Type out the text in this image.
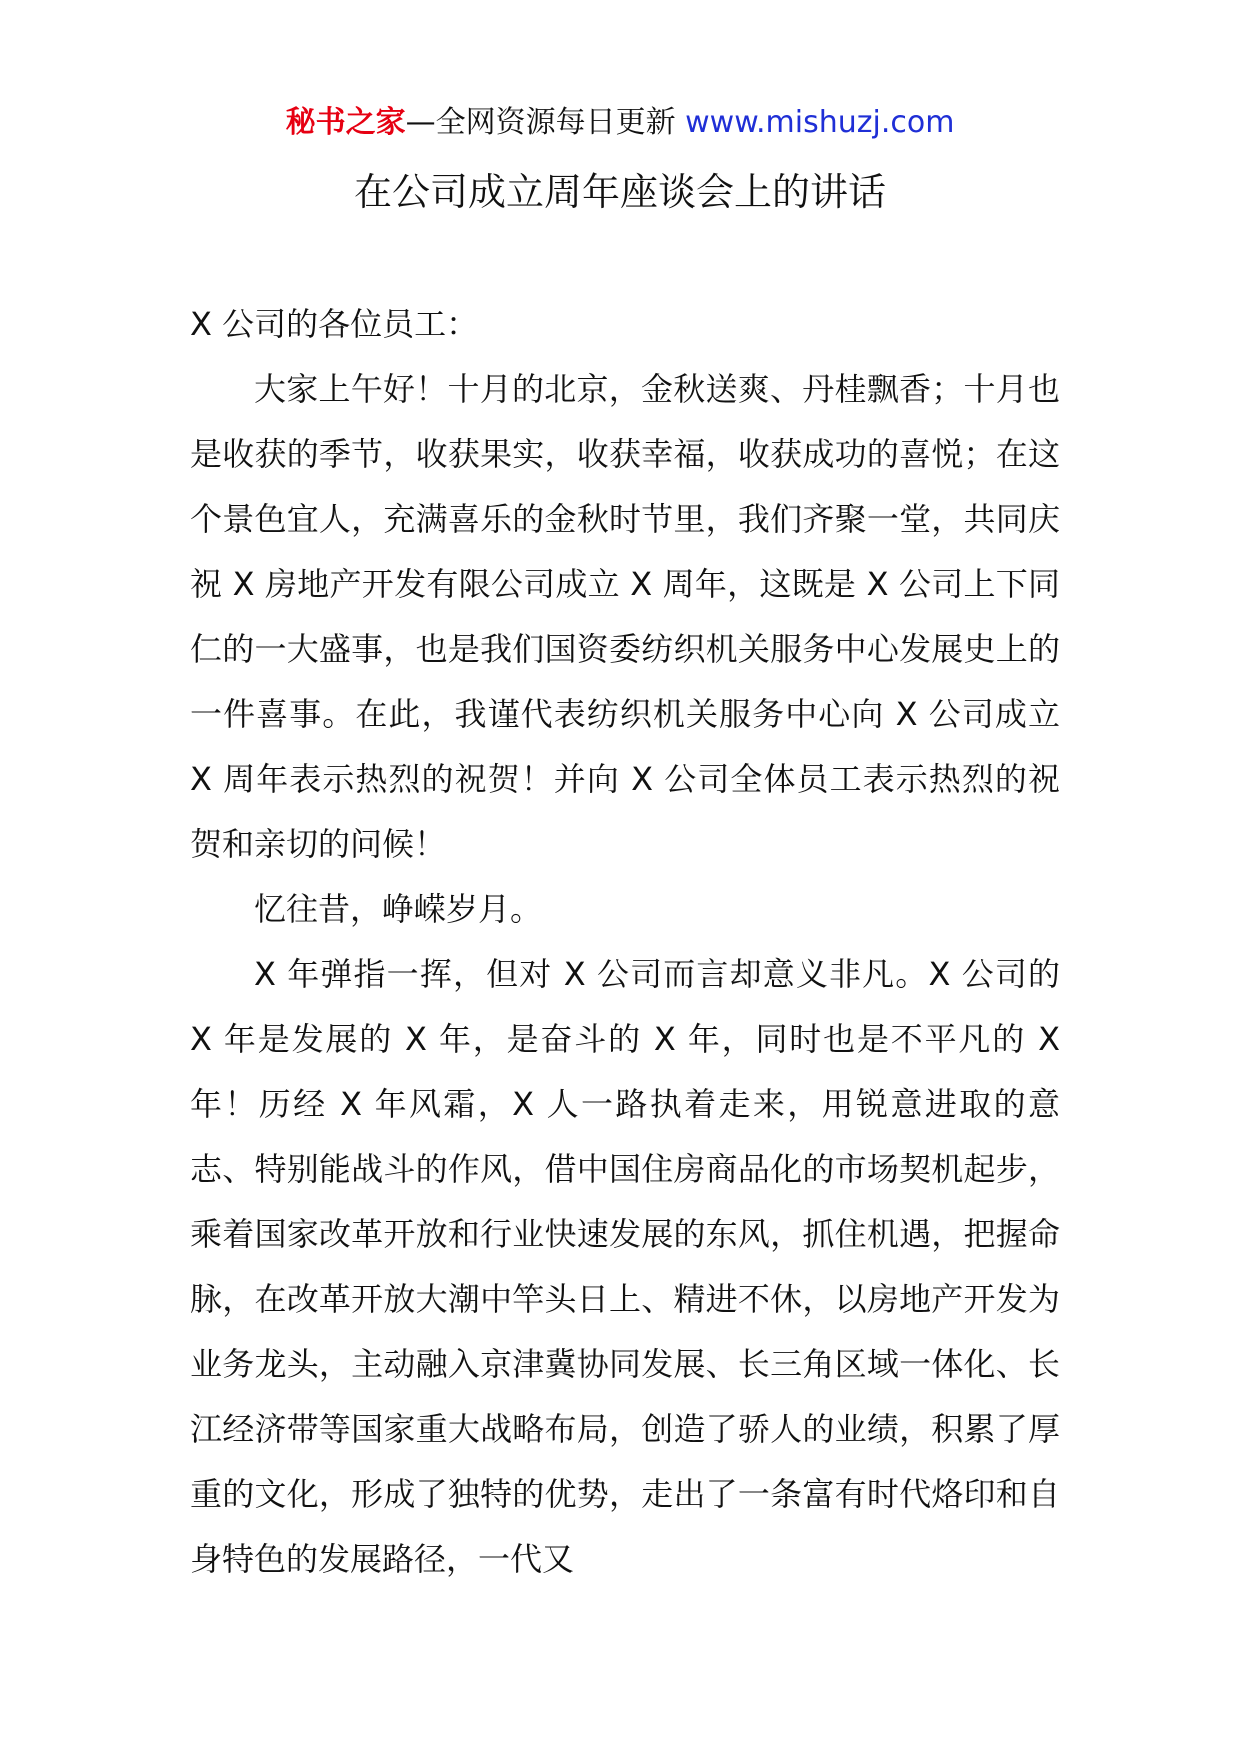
秘书之家—全网资源每日更新 www.mishuzj.com
在公司成立周年座谈会上的讲话

X 公司的各位员工：

大家上午好！十月的北京，金秋送爽、丹桂飘香；十月也是收获的季节，收获果实，收获幸福，收获成功的喜悦；在这个景色宜人，充满喜乐的金秋时节里，我们齐聚一堂，共同庆祝 X 房地产开发有限公司成立 X 周年，这既是 X 公司上下同仁的一大盛事，也是我们国资委纺织机关服务中心发展史上的一件喜事。在此，我谨代表纺织机关服务中心向 X 公司成立 X 周年表示热烈的祝贺！并向 X 公司全体员工表示热烈的祝贺和亲切的问候！

忆往昔，峥嵘岁月。

X 年弹指一挥，但对 X 公司而言却意义非凡。X 公司的 X 年是发展的 X 年，是奋斗的 X 年，同时也是不平凡的 X 年！历经 X 年风霜，X 人一路执着走来，用锐意进取的意志、特别能战斗的作风，借中国住房商品化的市场契机起步，乘着国家改革开放和行业快速发展的东风，抓住机遇，把握命脉，在改革开放大潮中竿头日上、精进不休，以房地产开发为业务龙头，主动融入京津冀协同发展、长三角区域一体化、长江经济带等国家重大战略布局，创造了骄人的业绩，积累了厚重的文化，形成了独特的优势，走出了一条富有时代烙印和自身特色的发展路径，一代又
